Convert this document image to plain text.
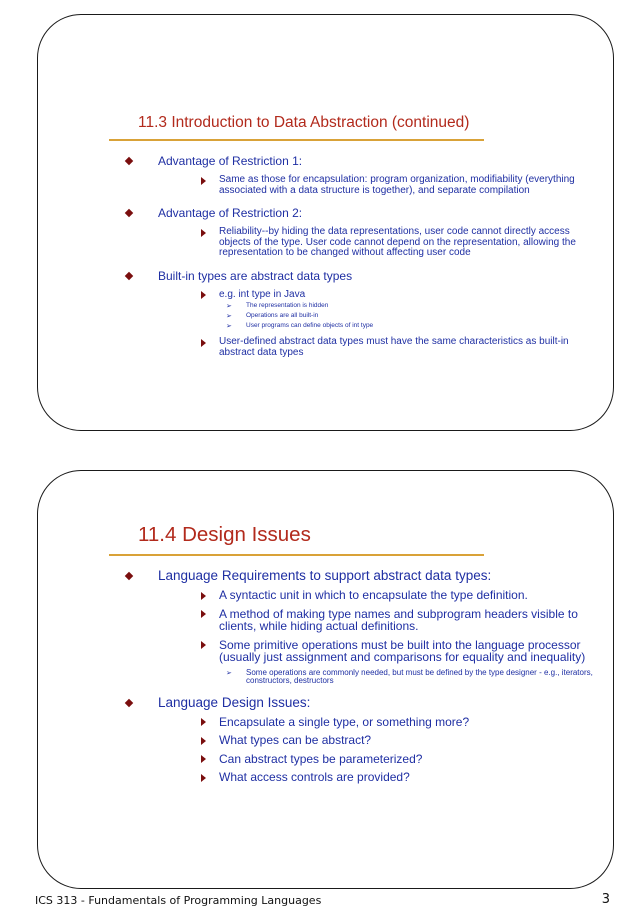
11.3 Introduction to Data Abstraction (continued)
Advantage of Restriction 1:
Same as those for encapsulation: program organization, modifiability (everything associated with a data structure is together), and separate compilation
Advantage of Restriction 2:
Reliability--by hiding the data representations, user code cannot directly access objects of the type. User code cannot depend on the representation, allowing the representation to be changed without affecting user code
Built-in types are abstract data types
e.g. int type in Java
➢ The representation is hidden
➢ Operations are all built-in
➢ User programs can define objects of int type
User-defined abstract data types must have the same characteristics as built-in abstract data types
11.4 Design Issues
Language Requirements to support abstract data types:
A syntactic unit in which to encapsulate the type definition.
A method of making type names and subprogram headers visible to clients, while hiding actual definitions.
Some primitive operations must be built into the language processor (usually just assignment and comparisons for equality and inequality)
➢ Some operations are commonly needed, but must be defined by the type designer - e.g., iterators, constructors, destructors
Language Design Issues:
Encapsulate a single type, or something more?
What types can be abstract?
Can abstract types be parameterized?
What access controls are provided?
ICS 313 - Fundamentals of Programming Languages	3
